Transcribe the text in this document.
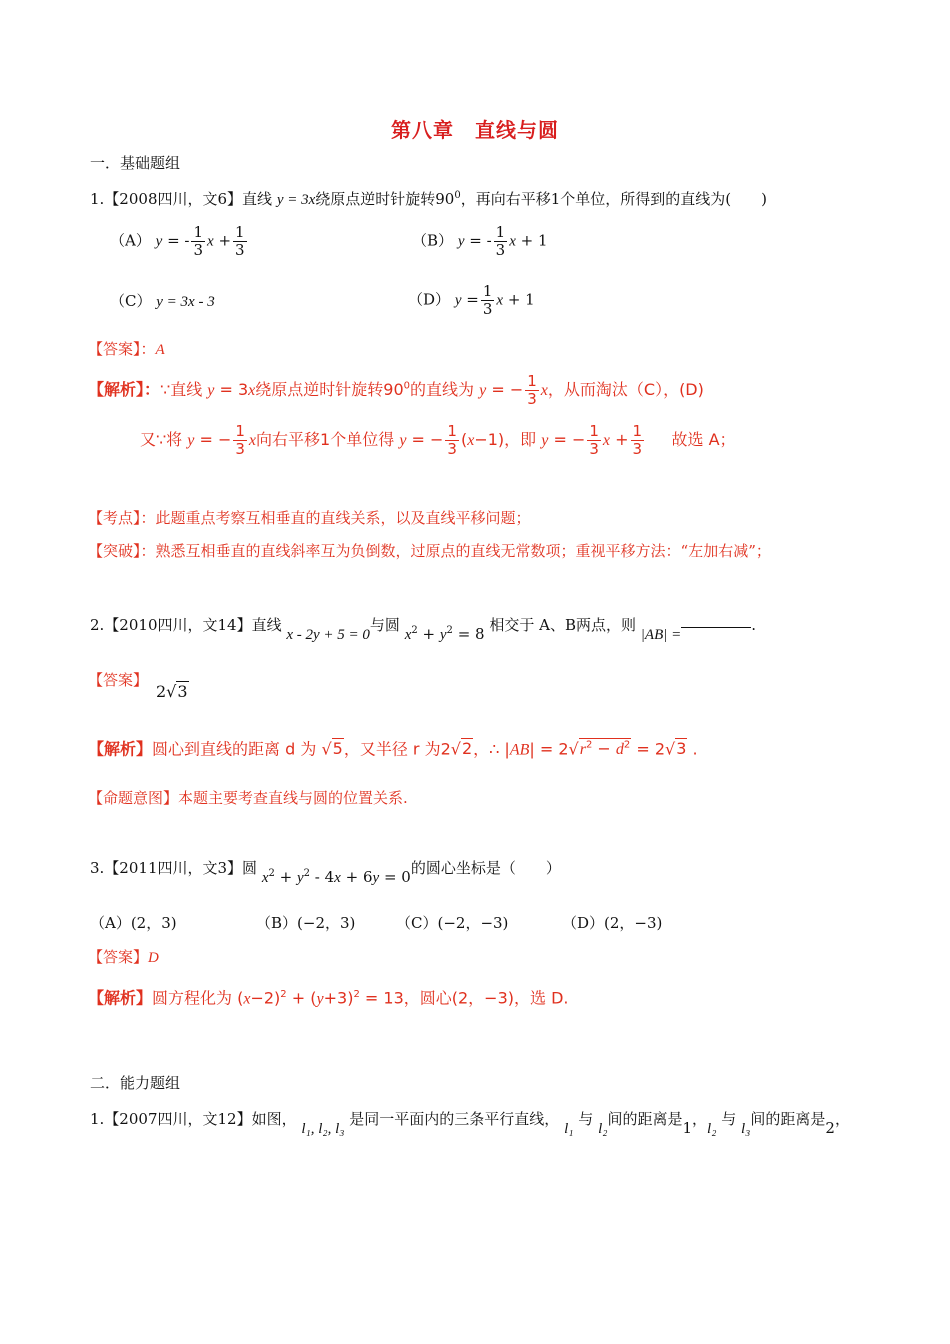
第八章　直线与圆
一．基础题组
1.【2008四川，文6】直线 y = 3x绕原点逆时针旋转$90^0$，再向右平移1个单位，所得到的直线为(　　)
（A） y = - $\frac{1}{3}$ $x + \frac{1}{3}$	（B） y = - $\frac{1}{3}$ x + 1
（C） y = 3x - 3	（D） $y = \frac{1}{3}$ x + 1
【答案】：A
【解析】：∵直线 y = 3x绕原点逆时针旋转$90^0$的直线为 y = − $\frac{1}{3}$ x，从而淘汰（C），(D)
又∵将 y = − $\frac{1}{3}$ x向右平移1个单位得 y = − $\frac{1}{3} (x-1)$，即 y = − $\frac{1}{3}$ $x + \frac{1}{3}$ 故选 A；
【考点】：此题重点考察互相垂直的直线关系，以及直线平移问题；
【突破】：熟悉互相垂直的直线斜率互为负倒数，过原点的直线无常数项；重视平移方法：“左加右减”；
2.【2010四川，文14】直线 x - 2y + 5 = 0与圆 $x^2 + y^2 = 8$ 相交于 A、B两点，则 |AB| =.
【答案】
2√3
【解析】圆心到直线的距离 d 为 √5，又半径 r 为2√2，∴ $|AB| = 2√r^2 - d^2 = 2√3$ .
【命题意图】本题主要考查直线与圆的位置关系.
3.【2011四川，文3】圆 $x^2 + y^2 - 4x + 6y = 0$的圆心坐标是（　　）
（A）(2，3)	（B）(−2，3)	（C）(−2，−3)	（D）(2，−3)
【答案】D
【解析】圆方程化为 $(x-2)^2 + (y+3)^2 = 13$，圆心(2，−3)，选 D.
二．能力题组
1.【2007四川，文12】如图， l₁, l₂, l₃ 是同一平面内的三条平行直线， l₁ 与 l₂间的距离是1，l₂ 与 l₃间的距离是2，
